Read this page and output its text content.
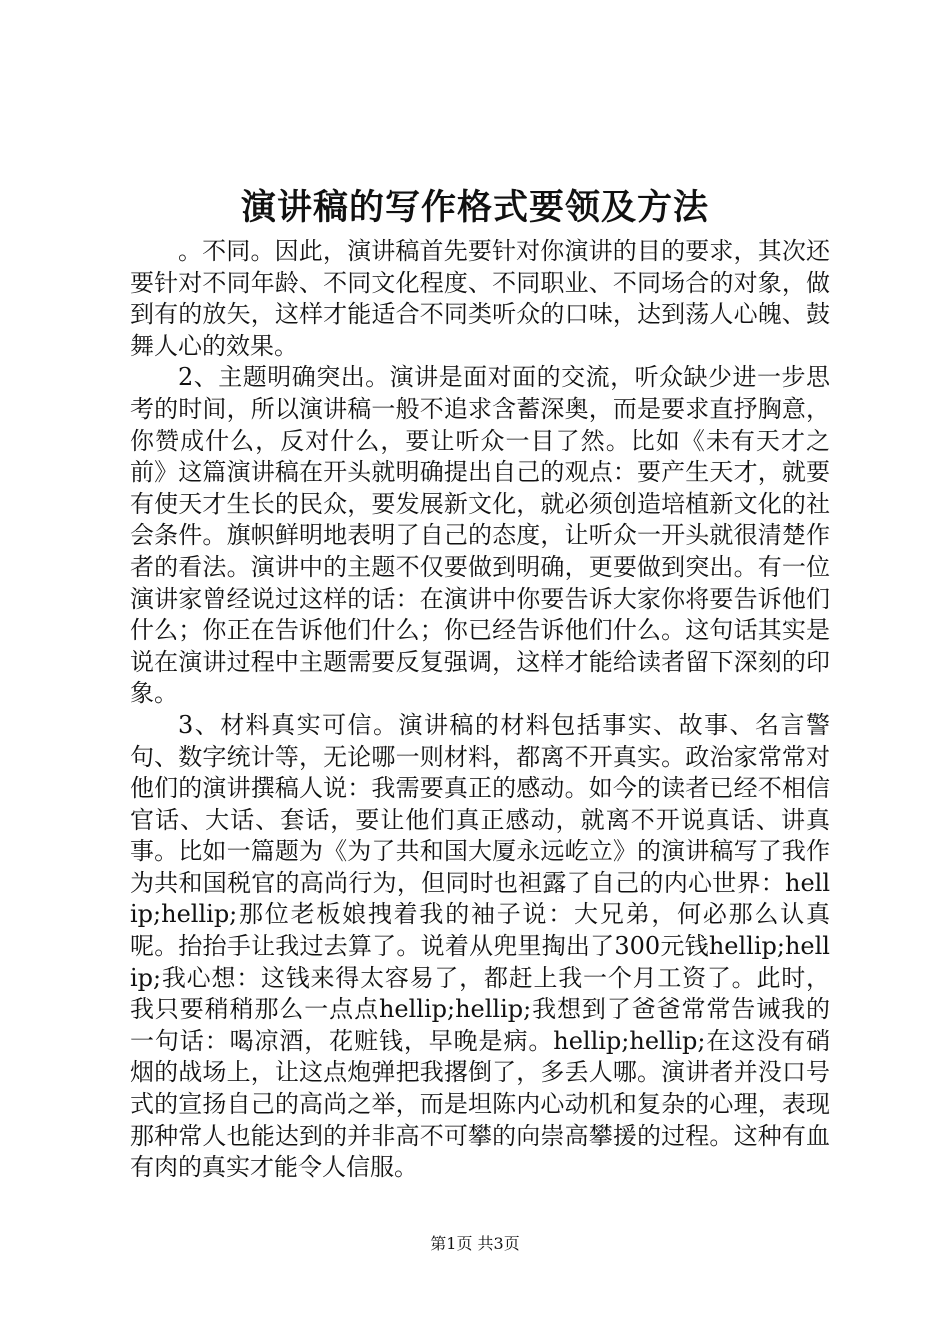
演讲稿的写作格式要领及方法

。不同。因此，演讲稿首先要针对你演讲的目的要求，其次还要针对不同年龄、不同文化程度、不同职业、不同场合的对象，做到有的放矢，这样才能适合不同类听众的口味，达到荡人心魄、鼓舞人心的效果。

2、主题明确突出。演讲是面对面的交流，听众缺少进一步思考的时间，所以演讲稿一般不追求含蓄深奥，而是要求直抒胸意，你赞成什么，反对什么，要让听众一目了然。比如《未有天才之前》这篇演讲稿在开头就明确提出自己的观点：要产生天才，就要有使天才生长的民众，要发展新文化，就必须创造培植新文化的社会条件。旗帜鲜明地表明了自己的态度，让听众一开头就很清楚作者的看法。演讲中的主题不仅要做到明确，更要做到突出。有一位演讲家曾经说过这样的话：在演讲中你要告诉大家你将要告诉他们什么；你正在告诉他们什么；你已经告诉他们什么。这句话其实是说在演讲过程中主题需要反复强调，这样才能给读者留下深刻的印象。

3、材料真实可信。演讲稿的材料包括事实、故事、名言警句、数字统计等，无论哪一则材料，都离不开真实。政治家常常对他们的演讲撰稿人说：我需要真正的感动。如今的读者已经不相信官话、大话、套话，要让他们真正感动，就离不开说真话、讲真事。比如一篇题为《为了共和国大厦永远屹立》的演讲稿写了我作为共和国税官的高尚行为，但同时也袒露了自己的内心世界：hellip;hellip;那位老板娘拽着我的袖子说：大兄弟，何必那么认真呢。抬抬手让我过去算了。说着从兜里掏出了300元钱hellip;hellip;我心想：这钱来得太容易了，都赶上我一个月工资了。此时，我只要稍稍那么一点点hellip;hellip;我想到了爸爸常常告诫我的一句话：喝凉酒，花赃钱，早晚是病。hellip;hellip;在这没有硝烟的战场上，让这点炮弹把我撂倒了，多丢人哪。演讲者并没口号式的宣扬自己的高尚之举，而是坦陈内心动机和复杂的心理，表现那种常人也能达到的并非高不可攀的向崇高攀援的过程。这种有血有肉的真实才能令人信服。

第1页 共3页
